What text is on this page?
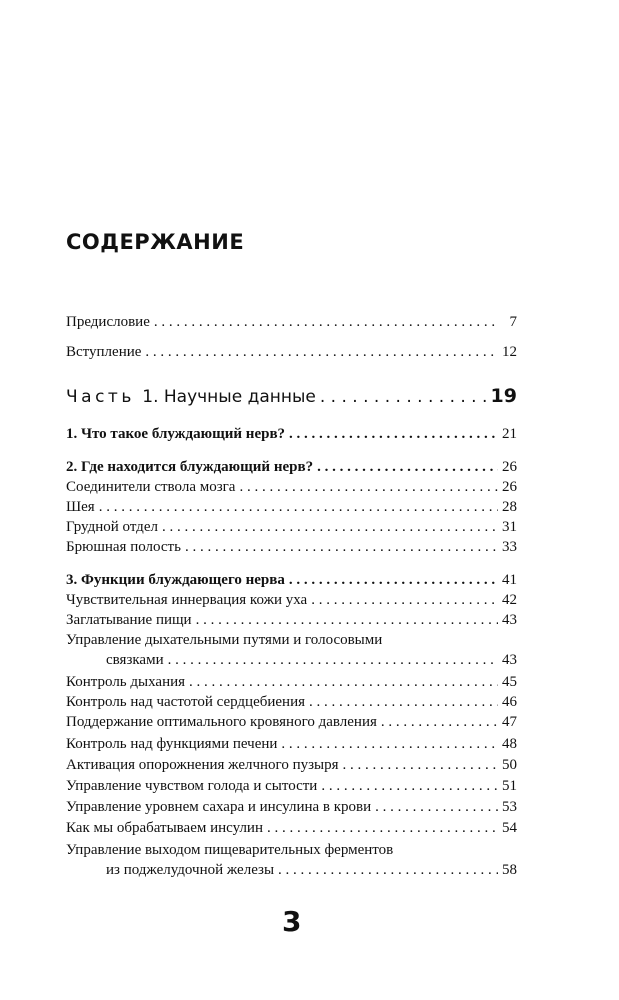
СОДЕРЖАНИЕ
Предисловие . . .	7
Вступление . . .	12
Часть 1. Научные данные . . .	19
1. Что такое блуждающий нерв? . . .	21
2. Где находится блуждающий нерв? . . .	26
Соединители ствола мозга . . .	26
Шея . . .	28
Грудной отдел . . .	31
Брюшная полость . . .	33
3. Функции блуждающего нерва . . .	41
Чувствительная иннервация кожи уха . . .	42
Заглатывание пищи . . .	43
Управление дыхательными путями и голосовыми
связками . . .	43
Контроль дыхания . . .	45
Контроль над частотой сердцебиения . . .	46
Поддержание оптимального кровяного давления . . .	47
Контроль над функциями печени . . .	48
Активация опорожнения желчного пузыря . . .	50
Управление чувством голода и сытости . . .	51
Управление уровнем сахара и инсулина в крови . . .	53
Как мы обрабатываем инсулин . . .	54
Управление выходом пищеварительных ферментов
из поджелудочной железы . . .	58

3
